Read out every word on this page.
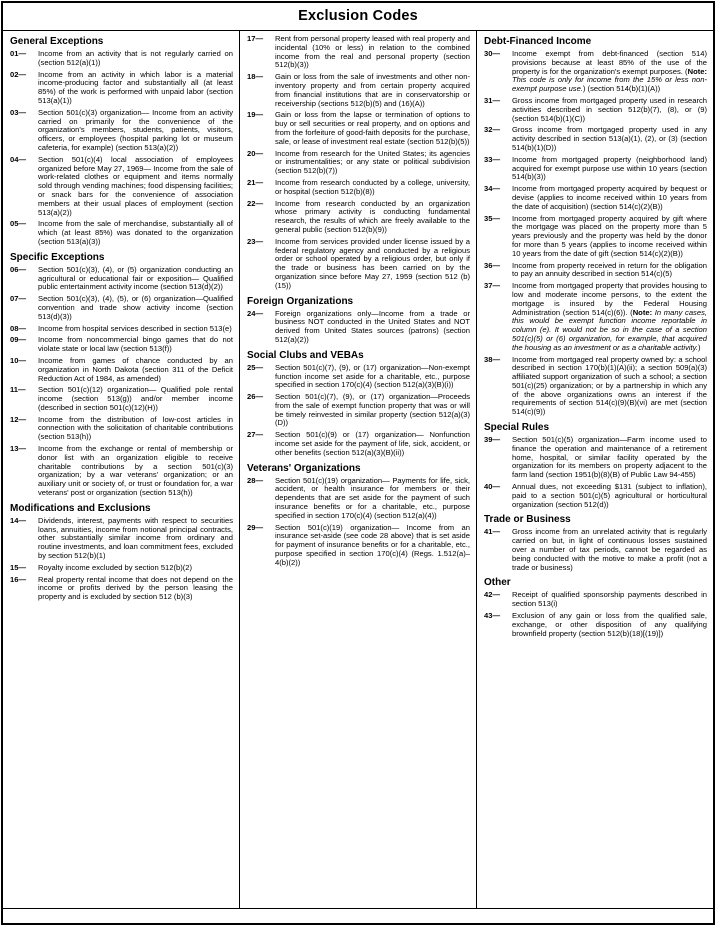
Exclusion Codes
General Exceptions
01—	Income from an activity that is not regularly carried on (section 512(a)(1))
02—	Income from an activity in which labor is a material income-producing factor and substantially all (at least 85%) of the work is performed with unpaid labor (section 513(a)(1))
03—	Section 501(c)(3) organization— Income from an activity carried on primarily for the convenience of the organization's members, students, patients, visitors, officers, or employees (hospital parking lot or museum cafeteria, for example) (section 513(a)(2))
04—	Section 501(c)(4) local association of employees organized before May 27, 1969— Income from the sale of work-related clothes or equipment and items normally sold through vending machines; food dispensing facilities; or snack bars for the convenience of association members at their usual places of employment (section 513(a)(2))
05—	Income from the sale of merchandise, substantially all of which (at least 85%) was donated to the organization (section 513(a)(3))
Specific Exceptions
06—	Section 501(c)(3), (4), or (5) organization conducting an agricultural or educational fair or exposition— Qualified public entertainment activity income (section 513(d)(2))
07—	Section 501(c)(3), (4), (5), or (6) organization—Qualified convention and trade show activity income (section 513(d)(3))
08—	Income from hospital services described in section 513(e)
09—	Income from noncommercial bingo games that do not violate state or local law (section 513(f))
10—	Income from games of chance conducted by an organization in North Dakota (section 311 of the Deficit Reduction Act of 1984, as amended)
11—	Section 501(c)(12) organization— Qualified pole rental income (section 513(g)) and/or member income (described in section 501(c)(12)(H))
12—	Income from the distribution of low-cost articles in connection with the solicitation of charitable contributions (section 513(h))
13—	Income from the exchange or rental of membership or donor list with an organization eligible to receive charitable contributions by a section 501(c)(3) organization; by a war veterans' organization; or an auxiliary unit or society of, or trust or foundation for, a war veterans' post or organization (section 513(h))
Modifications and Exclusions
14—	Dividends, interest, payments with respect to securities loans, annuities, income from notional principal contracts, other substantially similar income from ordinary and routine investments, and loan commitment fees, excluded by section 512(b)(1)
15—	Royalty income excluded by section 512(b)(2)
16—	Real property rental income that does not depend on the income or profits derived by the person leasing the property and is excluded by section 512 (b)(3)
17—	Rent from personal property leased with real property and incidental (10% or less) in relation to the combined income from the real and personal property (section 512(b)(3))
18—	Gain or loss from the sale of investments and other non-inventory property and from certain property acquired from financial institutions that are in conservatorship or receivership (sections 512(b)(5) and (16)(A))
19—	Gain or loss from the lapse or termination of options to buy or sell securities or real property, and on options and from the forfeiture of good-faith deposits for the purchase, sale, or lease of investment real estate (section 512(b)(5))
20—	Income from research for the United States; its agencies or instrumentalities; or any state or political subdivision (section 512(b)(7))
21—	Income from research conducted by a college, university, or hospital (section 512(b)(8))
22—	Income from research conducted by an organization whose primary activity is conducting fundamental research, the results of which are freely available to the general public (section 512(b)(9))
23—	Income from services provided under license issued by a federal regulatory agency and conducted by a religious order or school operated by a religious order, but only if the trade or business has been carried on by the organization since before May 27, 1959 (section 512 (b)(15))
Foreign Organizations
24—	Foreign organizations only—Income from a trade or business NOT conducted in the United States and NOT derived from United States sources (patrons) (section 512(a)(2))
Social Clubs and VEBAs
25—	Section 501(c)(7), (9), or (17) organization—Non-exempt function income set aside for a charitable, etc., purpose specified in section 170(c)(4) (section 512(a)(3)(B)(i))
26—	Section 501(c)(7), (9), or (17) organization—Proceeds from the sale of exempt function property that was or will be timely reinvested in similar property (section 512(a)(3)(D))
27—	Section 501(c)(9) or (17) organization— Nonfunction income set aside for the payment of life, sick, accident, or other benefits (section 512(a)(3)(B)(ii))
Veterans' Organizations
28—	Section 501(c)(19) organization— Payments for life, sick, accident, or health insurance for members or their dependents that are set aside for the payment of such insurance benefits or for a charitable, etc., purpose specified in section 170(c)(4) (section 512(a)(4))
29—	Section 501(c)(19) organization— Income from an insurance set-aside (see code 28 above) that is set aside for payment of insurance benefits or for a charitable, etc., purpose specified in section 170(c)(4) (Regs. 1.512(a)–4(b)(2))
Debt-Financed Income
30—	Income exempt from debt-financed (section 514) provisions because at least 85% of the use of the property is for the organization's exempt purposes. (Note: This code is only for income from the 15% or less non-exempt purpose use.) (section 514(b)(1)(A))
31—	Gross income from mortgaged property used in research activities described in section 512(b)(7), (8), or (9) (section 514(b)(1)(C))
32—	Gross income from mortgaged property used in any activity described in section 513(a)(1), (2), or (3) (section 514(b)(1)(D))
33—	Income from mortgaged property (neighborhood land) acquired for exempt purpose use within 10 years (section 514(b)(3))
34—	Income from mortgaged property acquired by bequest or devise (applies to income received within 10 years from the date of acquisition) (section 514(c)(2)(B))
35—	Income from mortgaged property acquired by gift where the mortgage was placed on the property more than 5 years previously and the property was held by the donor for more than 5 years (applies to income received within 10 years from the date of gift (section 514(c)(2)(B))
36—	Income from property received in return for the obligation to pay an annuity described in section 514(c)(5)
37—	Income from mortgaged property that provides housing to low and moderate income persons, to the extent the mortgage is insured by the Federal Housing Administration (section 514(c)(6)). (Note: In many cases, this would be exempt function income reportable in column (e). It would not be so in the case of a section 501(c)(5) or (6) organization, for example, that acquired the housing as an investment or as a charitable activity.)
38—	Income from mortgaged real property owned by: a school described in section 170(b)(1)(A)(ii); a section 509(a)(3) affiliated support organization of such a school; a section 501(c)(25) organization; or by a partnership in which any of the above organizations owns an interest if the requirements of section 514(c)(9)(B)(vi) are met (section 514(c)(9))
Special Rules
39—	Section 501(c)(5) organization—Farm income used to finance the operation and maintenance of a retirement home, hospital, or similar facility operated by the organization for its members on property adjacent to the farm land (section 1951(b)(8)(B) of Public Law 94-455)
40—	Annual dues, not exceeding $131 (subject to inflation), paid to a section 501(c)(5) agricultural or horticultural organization (section 512(d))
Trade or Business
41—	Gross income from an unrelated activity that is regularly carried on but, in light of continuous losses sustained over a number of tax periods, cannot be regarded as being conducted with the motive to make a profit (not a trade or business)
Other
42—	Receipt of qualified sponsorship payments described in section 513(i)
43—	Exclusion of any gain or loss from the qualified sale, exchange, or other disposition of any qualifying brownfield property (section 512(b)(18)[(19)])
